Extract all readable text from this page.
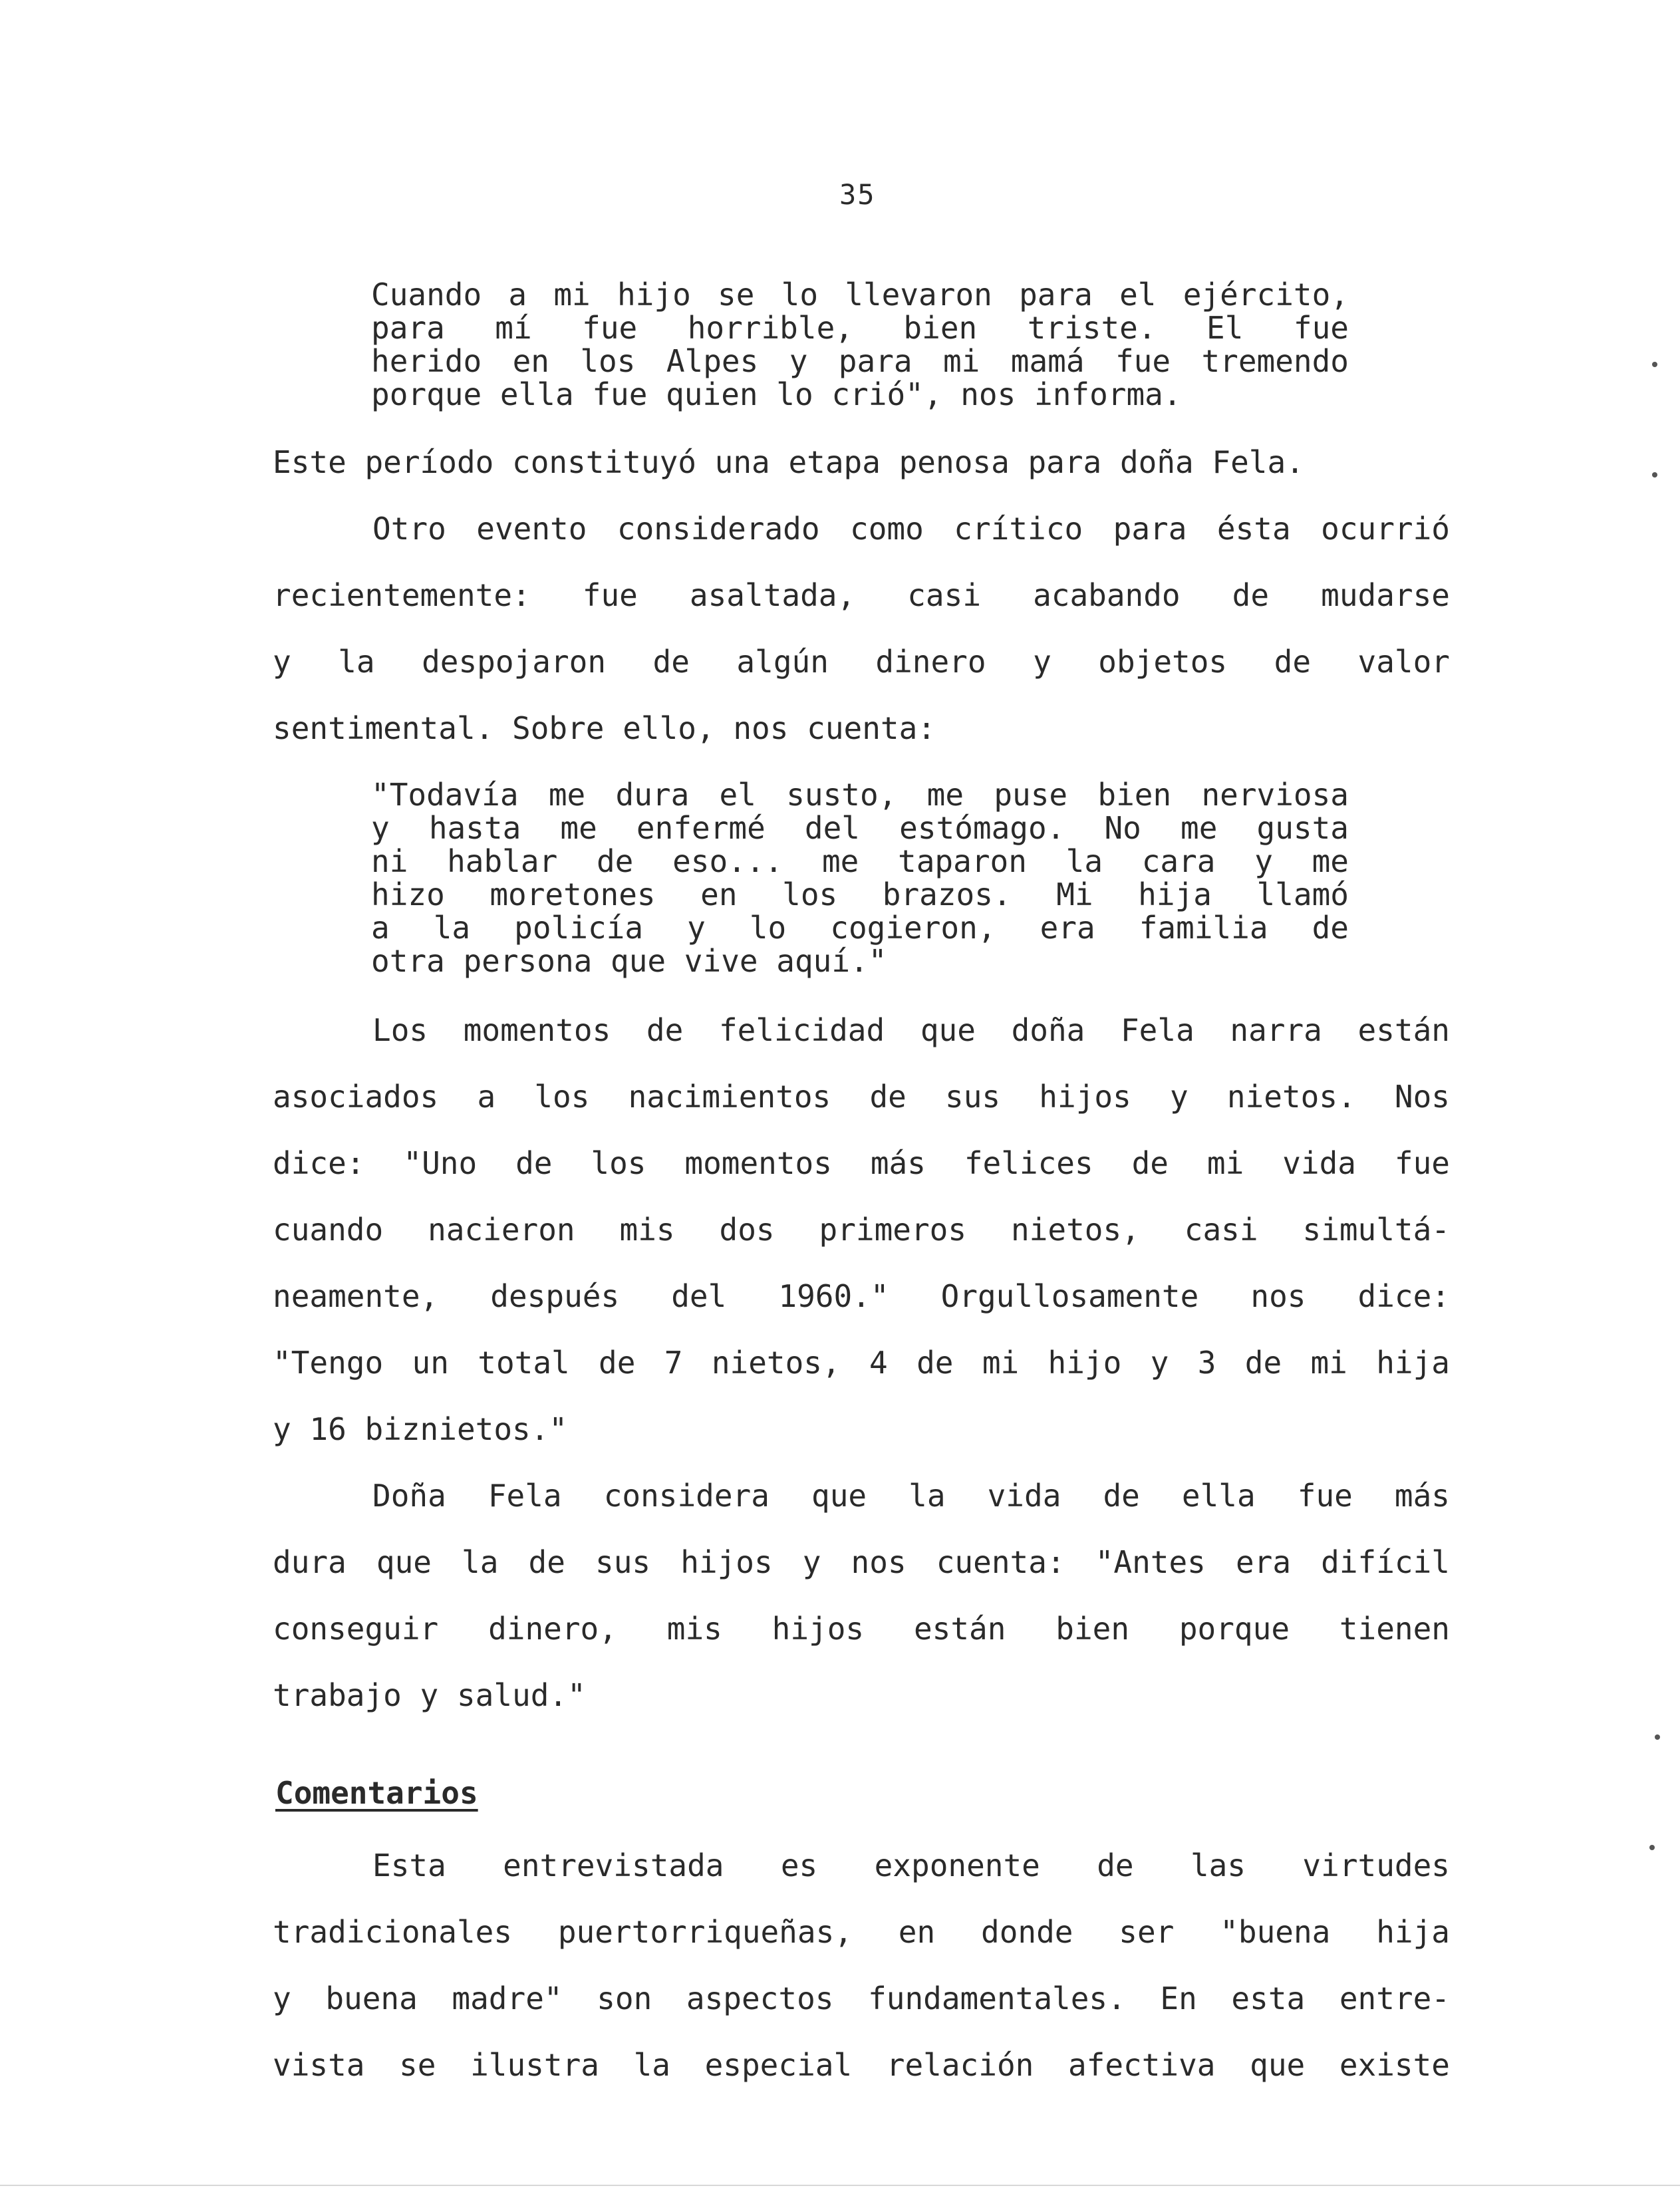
35
Cuando a mi hijo se lo llevaron para el ejército,
para mí fue horrible, bien triste. El fue
herido en los Alpes y para mi mamá fue tremendo
porque ella fue quien lo crió", nos informa.
Este período constituyó una etapa penosa para doña Fela.
Otro evento considerado como crítico para ésta ocurrió
recientemente: fue asaltada, casi acabando de mudarse
y la despojaron de algún dinero y objetos de valor
sentimental. Sobre ello, nos cuenta:
"Todavía me dura el susto, me puse bien nerviosa
y hasta me enfermé del estómago. No me gusta
ni hablar de eso... me taparon la cara y me
hizo moretones en los brazos. Mi hija llamó
a la policía y lo cogieron, era familia de
otra persona que vive aquí."
Los momentos de felicidad que doña Fela narra están
asociados a los nacimientos de sus hijos y nietos. Nos
dice: "Uno de los momentos más felices de mi vida fue
cuando nacieron mis dos primeros nietos, casi simultá-
neamente, después del 1960." Orgullosamente nos dice:
"Tengo un total de 7 nietos, 4 de mi hijo y 3 de mi hija
y 16 biznietos."
Doña Fela considera que la vida de ella fue más
dura que la de sus hijos y nos cuenta: "Antes era difícil
conseguir dinero, mis hijos están bien porque tienen
trabajo y salud."
Comentarios
Esta entrevistada es exponente de las virtudes
tradicionales puertorriqueñas, en donde ser "buena hija
y buena madre" son aspectos fundamentales. En esta entre-
vista se ilustra la especial relación afectiva que existe
